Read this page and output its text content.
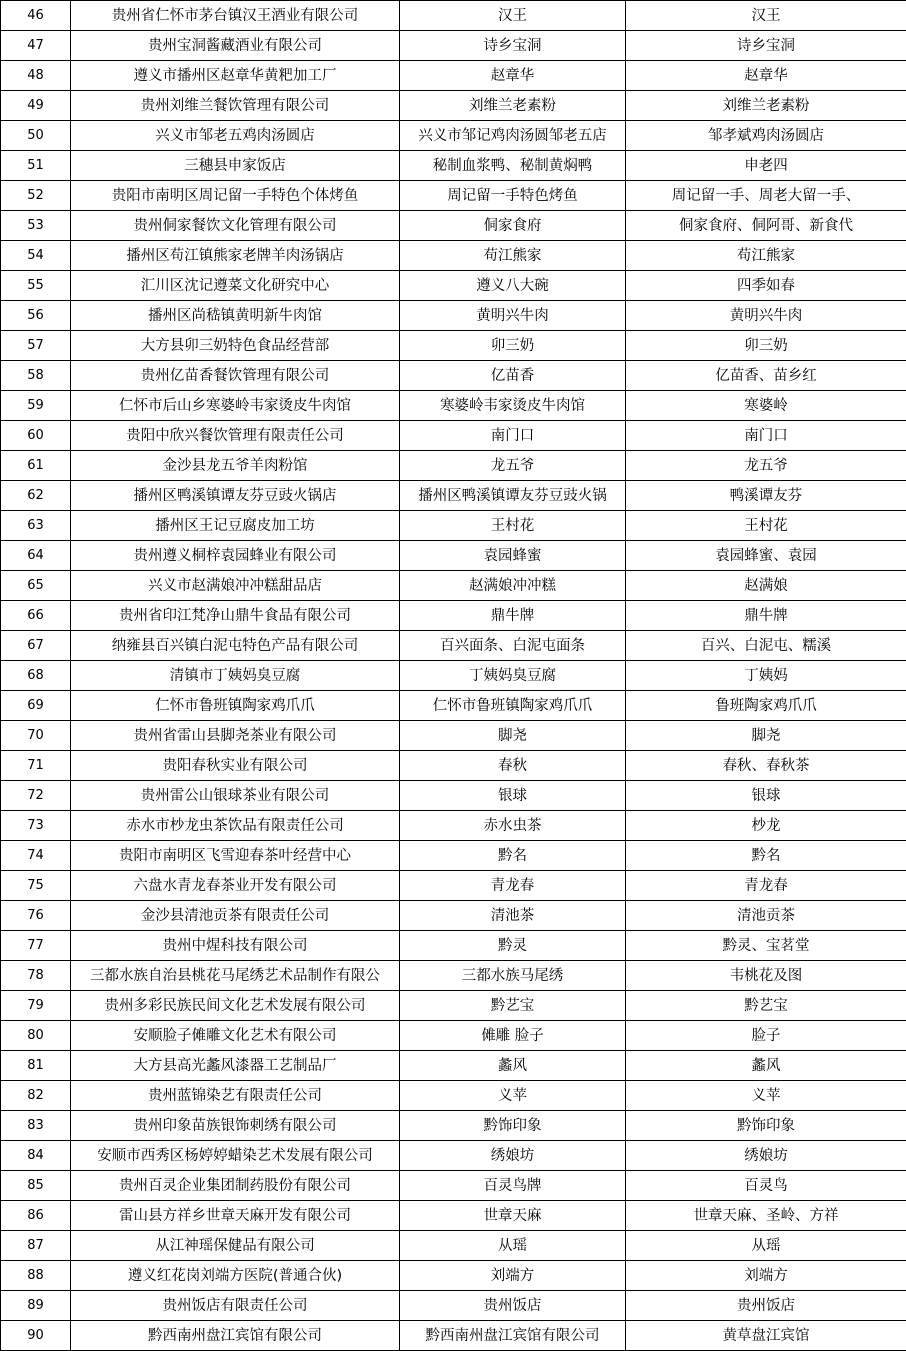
46	贵州省仁怀市茅台镇汉王酒业有限公司	汉王	汉王
47	贵州宝洞酱藏酒业有限公司	诗乡宝洞	诗乡宝洞
48	遵义市播州区赵章华黄粑加工厂	赵章华	赵章华
49	贵州刘维兰餐饮管理有限公司	刘维兰老素粉	刘维兰老素粉
50	兴义市邹老五鸡肉汤圆店	兴义市邹记鸡肉汤圆邹老五店	邹孝斌鸡肉汤圆店
51	三穗县申家饭店	秘制血浆鸭、秘制黄焖鸭	申老四
52	贵阳市南明区周记留一手特色个体烤鱼	周记留一手特色烤鱼	周记留一手、周老大留一手、
53	贵州侗家餐饮文化管理有限公司	侗家食府	侗家食府、侗阿哥、新食代
54	播州区苟江镇熊家老牌羊肉汤锅店	苟江熊家	苟江熊家
55	汇川区沈记遵菜文化研究中心	遵义八大碗	四季如春
56	播州区尚嵇镇黄明新牛肉馆	黄明兴牛肉	黄明兴牛肉
57	大方县卯三奶特色食品经营部	卯三奶	卯三奶
58	贵州亿苗香餐饮管理有限公司	亿苗香	亿苗香、苗乡红
59	仁怀市后山乡寒婆岭韦家烫皮牛肉馆	寒婆岭韦家烫皮牛肉馆	寒婆岭
60	贵阳中欣兴餐饮管理有限责任公司	南门口	南门口
61	金沙县龙五爷羊肉粉馆	龙五爷	龙五爷
62	播州区鸭溪镇谭友芬豆豉火锅店	播州区鸭溪镇谭友芬豆豉火锅	鸭溪谭友芬
63	播州区王记豆腐皮加工坊	王村花	王村花
64	贵州遵义桐梓袁园蜂业有限公司	袁园蜂蜜	袁园蜂蜜、袁园
65	兴义市赵满娘冲冲糕甜品店	赵满娘冲冲糕	赵满娘
66	贵州省印江梵净山鼎牛食品有限公司	鼎牛牌	鼎牛牌
67	纳雍县百兴镇白泥屯特色产品有限公司	百兴面条、白泥屯面条	百兴、白泥屯、糯溪
68	清镇市丁姨妈臭豆腐	丁姨妈臭豆腐	丁姨妈
69	仁怀市鲁班镇陶家鸡爪爪	仁怀市鲁班镇陶家鸡爪爪	鲁班陶家鸡爪爪
70	贵州省雷山县脚尧茶业有限公司	脚尧	脚尧
71	贵阳春秋实业有限公司	春秋	春秋、春秋茶
72	贵州雷公山银球茶业有限公司	银球	银球
73	赤水市杪龙虫茶饮品有限责任公司	赤水虫茶	杪龙
74	贵阳市南明区飞雪迎春茶叶经营中心	黔名	黔名
75	六盘水青龙春茶业开发有限公司	青龙春	青龙春
76	金沙县清池贡茶有限责任公司	清池茶	清池贡茶
77	贵州中煋科技有限公司	黔灵	黔灵、宝茗堂
78	三都水族自治县桃花马尾绣艺术品制作有限公	三都水族马尾绣	韦桃花及图
79	贵州多彩民族民间文化艺术发展有限公司	黔艺宝	黔艺宝
80	安顺脸子傩雕文化艺术有限公司	傩雕 脸子	脸子
81	大方县高光蠡风漆器工艺制品厂	蠡风	蠡风
82	贵州蓝锦染艺有限责任公司	义苹	义苹
83	贵州印象苗族银饰刺绣有限公司	黔饰印象	黔饰印象
84	安顺市西秀区杨婷婷蜡染艺术发展有限公司	绣娘坊	绣娘坊
85	贵州百灵企业集团制药股份有限公司	百灵鸟牌	百灵鸟
86	雷山县方祥乡世章天麻开发有限公司	世章天麻	世章天麻、圣岭、方祥
87	从江神瑶保健品有限公司	从瑶	从瑶
88	遵义红花岗刘端方医院(普通合伙)	刘端方	刘端方
89	贵州饭店有限责任公司	贵州饭店	贵州饭店
90	黔西南州盘江宾馆有限公司	黔西南州盘江宾馆有限公司	黄草盘江宾馆
